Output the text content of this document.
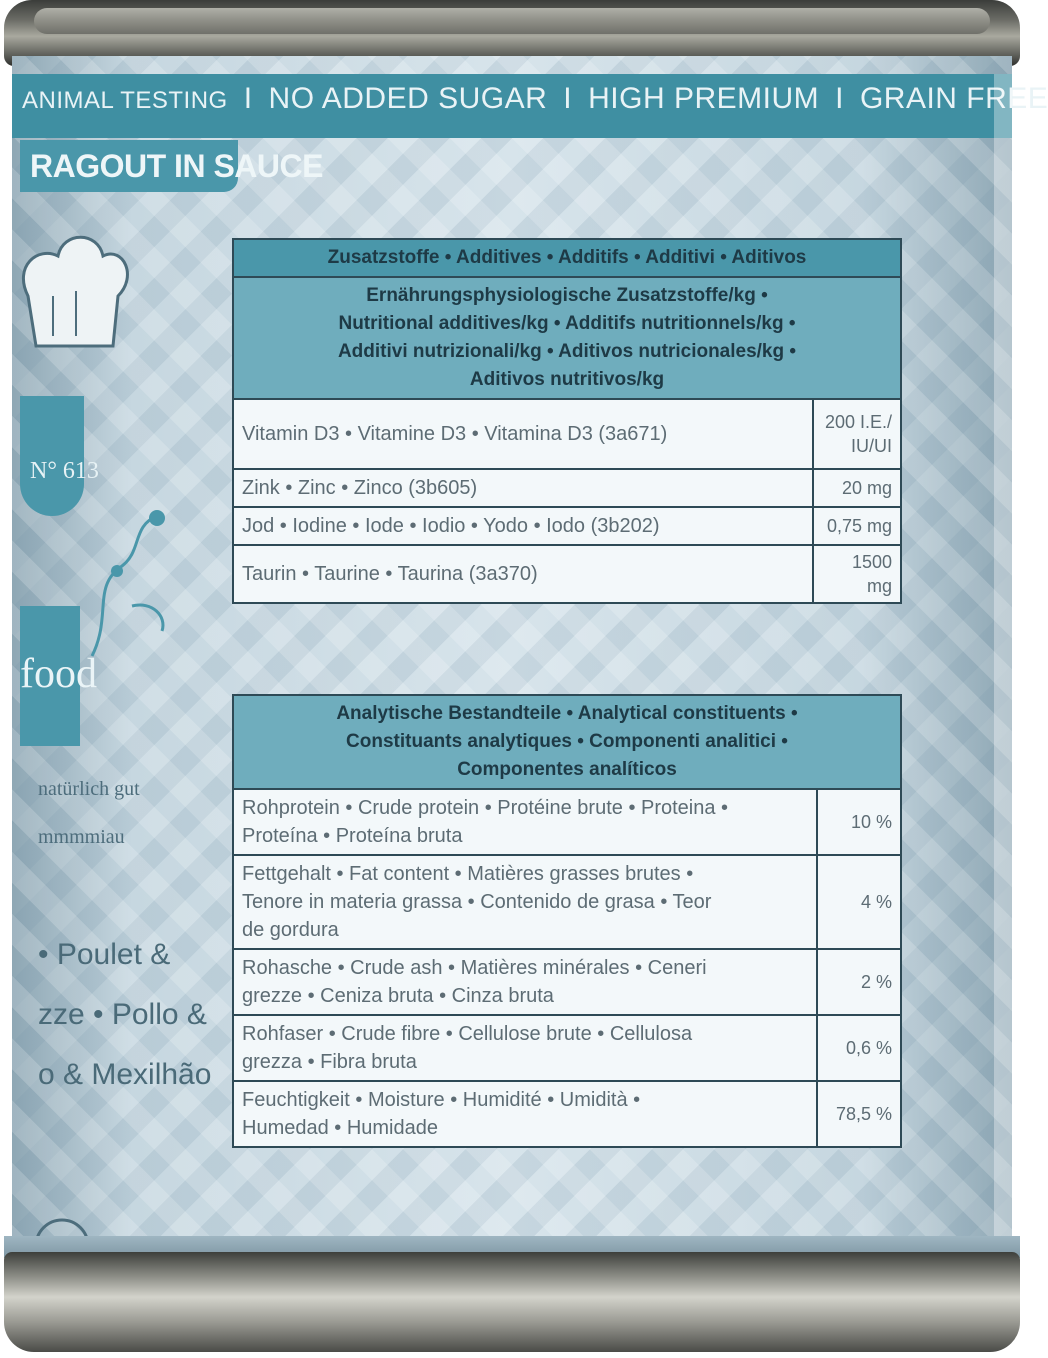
ANIMAL TESTING I NO ADDED SUGAR I HIGH PREMIUM I GRAIN FREE
RAGOUT IN SAUCE
N° 613
food
natürlich gut
mmmmiau
• Poulet &
zze • Pollo &
o & Mexilhão
Zusatzstoffe • Additives • Additifs • Additivi • Aditivos	

Ernährungsphysiologische Zusatzstoffe/kg •
Nutritional additives/kg • Additifs nutritionnels/kg •
Additivi nutrizionali/kg • Aditivos nutricionales/kg •
Aditivos nutritivos/kg	

Vitamin D3 • Vitamine D3 • Vitamina D3 (3a671)	200 I.E./
IU/UI

Zink • Zinc • Zinco (3b605)	20 mg
Jod • Iodine • Iode • Iodio • Yodo • Iodo (3b202)	0,75 mg
Taurin • Taurine • Taurina (3a370)	1500 mg
Analytische Bestandteile • Analytical constituents •
Constituants analytiques • Componenti analitici •
Componentes analíticos	

Rohprotein • Crude protein • Protéine brute • Proteina •
Proteína • Proteína bruta	10 %

Fettgehalt • Fat content • Matières grasses brutes •
Tenore in materia grassa • Contenido de grasa • Teor
de gordura	4 %

Rohasche • Crude ash • Matières minérales • Ceneri
grezze • Ceniza bruta • Cinza bruta	2 %

Rohfaser • Crude fibre • Cellulose brute • Cellulosa
grezza • Fibra bruta	0,6 %

Feuchtigkeit • Moisture • Humidité • Umidità •
Humedad • Humidade	78,5 %
